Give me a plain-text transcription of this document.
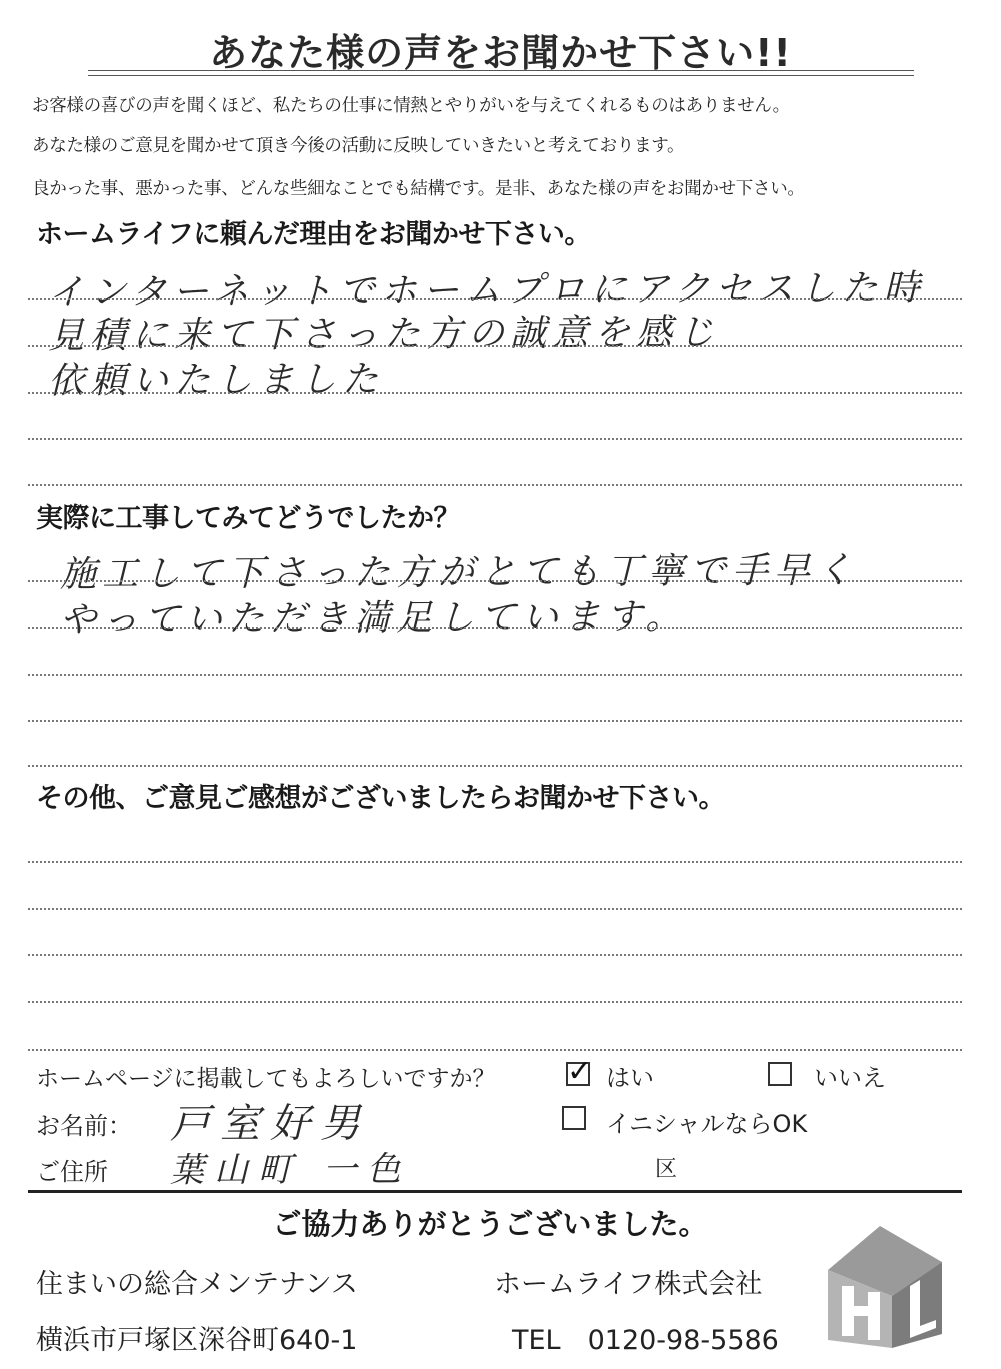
あなた様の声をお聞かせ下さい!!
お客様の喜びの声を聞くほど、私たちの仕事に情熱とやりがいを与えてくれるものはありません。
あなた様のご意見を聞かせて頂き今後の活動に反映していきたいと考えております。
良かった事、悪かった事、どんな些細なことでも結構です。是非、あなた様の声をお聞かせ下さい。
ホームライフに頼んだ理由をお聞かせ下さい。
インターネットでホームプロにアクセスした時
見積に来て下さった方の誠意を感じ
依頼いたしました
実際に工事してみてどうでしたか？
施工して下さった方がとても丁寧で手早く
やっていただき満足しています。
その他、ご意見ご感想がございましたらお聞かせ下さい。
ホームページに掲載してもよろしいですか？ ✓ はい	いいえ
お名前： 戸室好男	イニシャルならOK
ご住所 葉山町 一色	区
ご協力ありがとうございました。
住まいの総合メンテナンス	ホームライフ株式会社
横浜市戸塚区深谷町640-1	TEL　0120-98-5586
